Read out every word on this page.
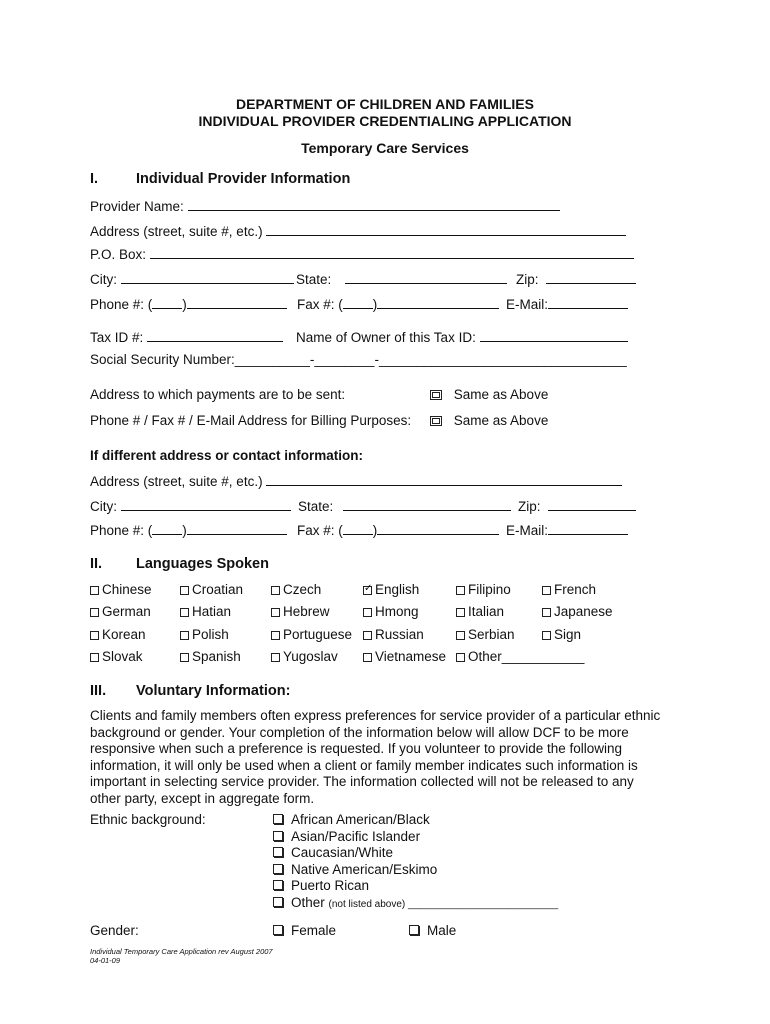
DEPARTMENT OF CHILDREN AND FAMILIES
INDIVIDUAL PROVIDER CREDENTIALING APPLICATION
Temporary Care Services
I.	Individual Provider Information
Provider Name:
Address (street, suite #, etc.)
P.O. Box:
City:	State:	Zip:
Phone #: ( )	Fax #: ( )	E-Mail:
Tax ID #:	Name of Owner of this Tax ID:
Social Security Number:__________-________-_________________________________
Address to which payments are to be sent:	Same as Above
Phone # / Fax # / E-Mail Address for Billing Purposes:	Same as Above
If different address or contact information:
Address (street, suite #, etc.)
City:	State:	Zip:
Phone #: ( )	Fax #: ( )	E-Mail:
II. Languages Spoken
Chinese	Croatian	Czech
✓	English	Filipino	French
German	Hatian	Hebrew	Hmong	Italian	Japanese
Korean	Polish	Portuguese	Russian	Serbian	Sign
Slovak	Spanish	Yugoslav	Vietnamese	Other___________
III. Voluntary Information:
Clients and family members often express preferences for service provider of a particular ethnic
background or gender. Your completion of the information below will allow DCF to be more
responsive when such a preference is requested. If you volunteer to provide the following
information, it will only be used when a client or family member indicates such information is
important in selecting service provider. The information collected will not be released to any
other party, except in aggregate form.
Ethnic background:	African American/Black
Asian/Pacific Islander
Caucasian/White
Native American/Eskimo
Puerto Rican
Other (not listed above) ___________________________
Gender:	Female	Male
Individual Temporary Care Application rev August 2007
04-01-09
